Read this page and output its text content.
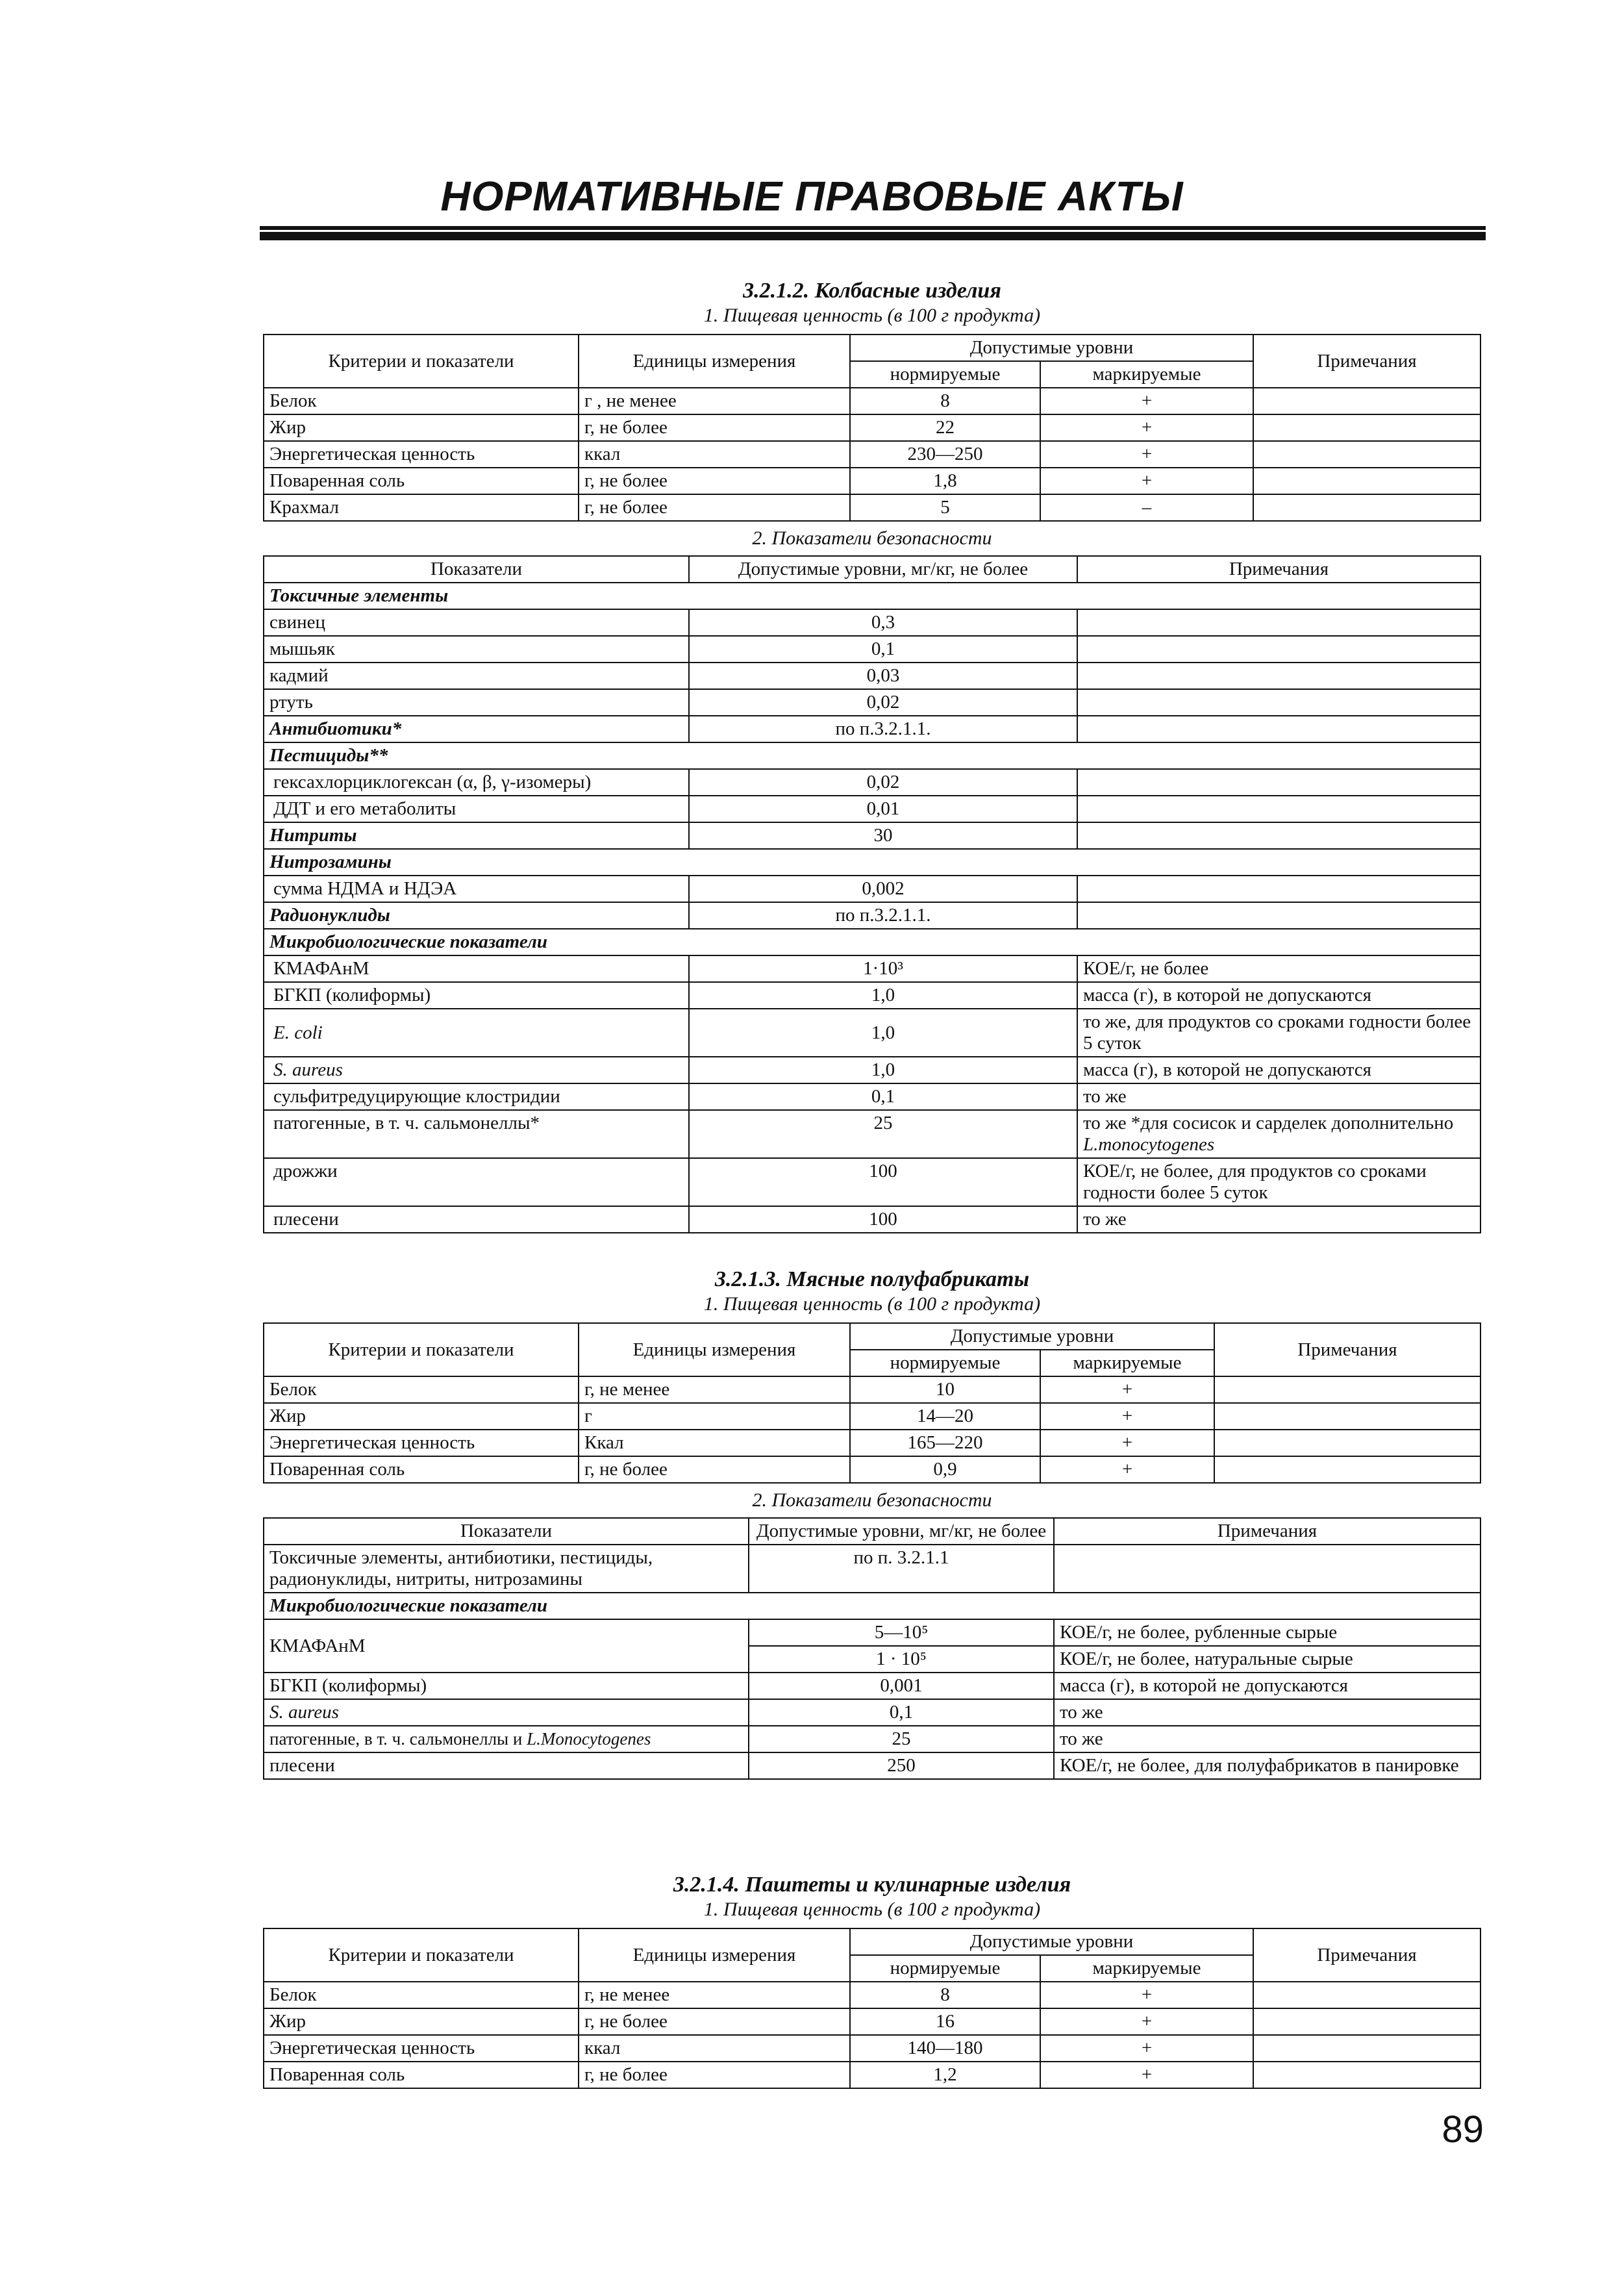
НОРМАТИВНЫЕ ПРАВОВЫЕ АКТЫ
3.2.1.2. Колбасные изделия
1. Пищевая ценность (в 100 г продукта)
Критерии и показатели	Единицы измерения	Допустимые уровни		Примечания
		нормируемые	маркируемые	
Белок	г , не менее	8	+	
Жир	г, не более	22	+	
Энергетическая ценность	ккал	230—250	+	
Поваренная соль	г, не более	1,8	+	
Крахмал	г, не более	5	–	
2. Показатели безопасности
Показатели	Допустимые уровни, мг/кг, не более	Примечания
Токсичные элементы		
свинец	0,3	
мышьяк	0,1	
кадмий	0,03	
ртуть	0,02	
Антибиотики*	по п.3.2.1.1.	
Пестициды**		
гексахлорциклогексан (α, β, γ-изомеры)	0,02	
ДДТ и его метаболиты	0,01	
Нитриты	30	
Нитрозамины		
сумма НДМА и НДЭА	0,002	
Радионуклиды	по п.3.2.1.1.	
Микробиологические показатели		
КМАФАнМ	1·10³	КОЕ/г, не более
БГКП (колиформы)	1,0	масса (г), в которой не допускаются
E. coli	1,0	то же, для продуктов со сроками годности более 5 суток
S. aureus	1,0	масса (г), в которой не допускаются
сульфитредуцирующие клостридии	0,1	то же
патогенные, в т. ч. сальмонеллы*	25	то же *для сосисок и сарделек дополнительно L.monocytogenes
дрожжи	100	КОЕ/г, не более, для продуктов со сроками годности более 5 суток
плесени	100	то же
3.2.1.3. Мясные полуфабрикаты
1. Пищевая ценность (в 100 г продукта)
Критерии и показатели	Единицы измерения	Допустимые уровни		Примечания
		нормируемые	маркируемые	
Белок	г, не менее	10	+	
Жир	г	14—20	+	
Энергетическая ценность	Ккал	165—220	+	
Поваренная соль	г, не более	0,9	+	
2. Показатели безопасности
Показатели	Допустимые уровни, мг/кг, не более	Примечания
Токсичные элементы, антибиотики, пестициды, радионуклиды, нитриты, нитрозамины	по п. 3.2.1.1	
Микробиологические показатели		
КМАФАнМ	5—10⁵	КОЕ/г, не более, рубленные сырые
	1 · 10⁵	КОЕ/г, не более, натуральные сырые
БГКП (колиформы)	0,001	масса (г), в которой не допускаются
S. aureus	0,1	то же
патогенные, в т. ч. сальмонеллы и L.Monocytogenes	25	то же
плесени	250	КОЕ/г, не более, для полуфабрикатов в панировке
3.2.1.4. Паштеты и кулинарные изделия
1. Пищевая ценность (в 100 г продукта)
Критерии и показатели	Единицы измерения	Допустимые уровни		Примечания
		нормируемые	маркируемые	
Белок	г, не менее	8	+	
Жир	г, не более	16	+	
Энергетическая ценность	ккал	140—180	+	
Поваренная соль	г, не более	1,2	+	
89
